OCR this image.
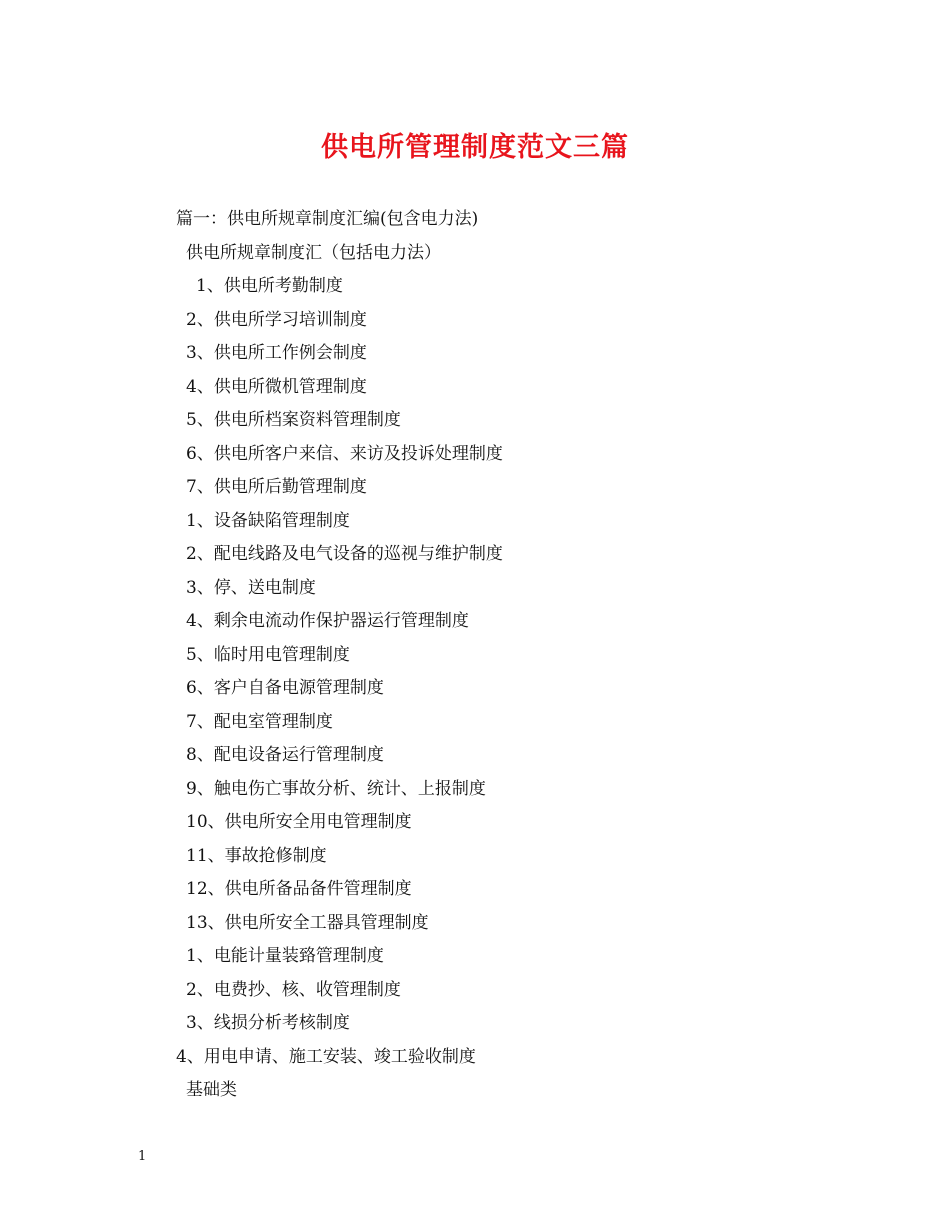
供电所管理制度范文三篇
篇一：供电所规章制度汇编(包含电力法)
供电所规章制度汇（包括电力法）
1、供电所考勤制度
2、供电所学习培训制度
3、供电所工作例会制度
4、供电所微机管理制度
5、供电所档案资料管理制度
6、供电所客户来信、来访及投诉处理制度
7、供电所后勤管理制度
1、设备缺陷管理制度
2、配电线路及电气设备的巡视与维护制度
3、停、送电制度
4、剩余电流动作保护器运行管理制度
5、临时用电管理制度
6、客户自备电源管理制度
7、配电室管理制度
8、配电设备运行管理制度
9、触电伤亡事故分析、统计、上报制度
10、供电所安全用电管理制度
11、事故抢修制度
12、供电所备品备件管理制度
13、供电所安全工器具管理制度
1、电能计量装臵管理制度
2、电费抄、核、收管理制度
3、线损分析考核制度
4、用电申请、施工安装、竣工验收制度
基础类
1
